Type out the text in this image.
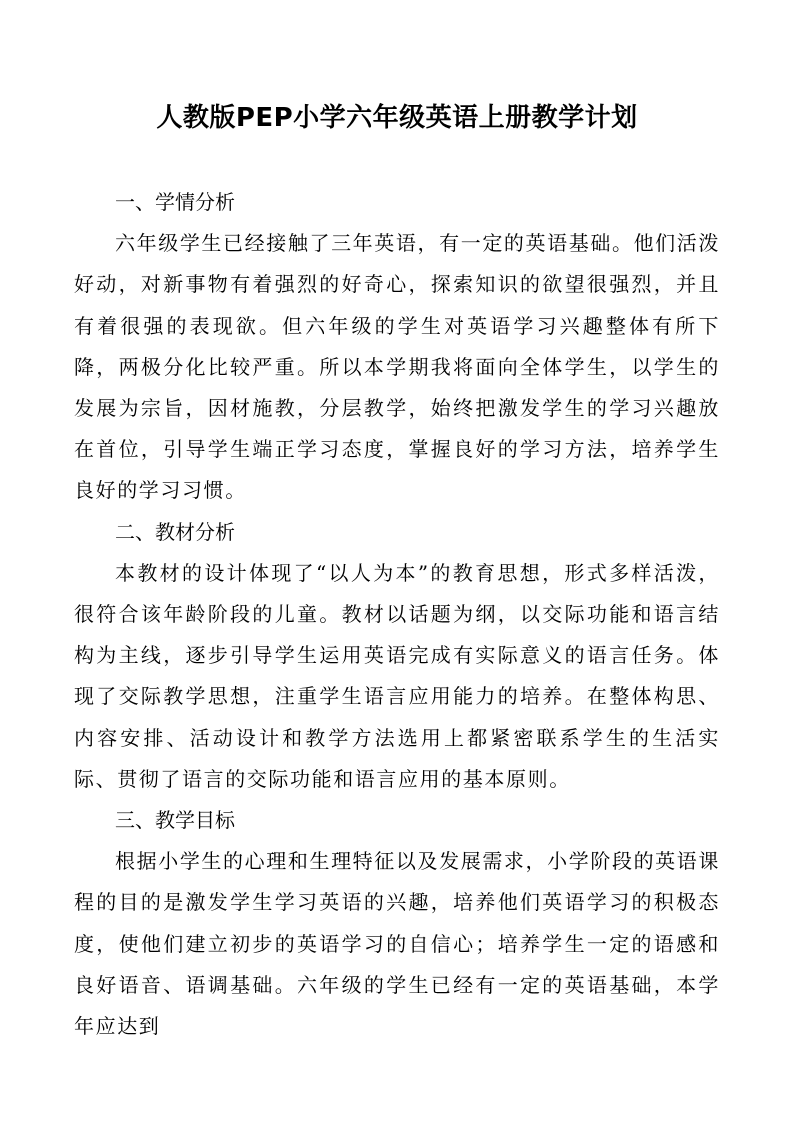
人教版PEP小学六年级英语上册教学计划

一、学情分析

六年级学生已经接触了三年英语，有一定的英语基础。他们活泼好动，对新事物有着强烈的好奇心，探索知识的欲望很强烈，并且有着很强的表现欲。但六年级的学生对英语学习兴趣整体有所下降，两极分化比较严重。所以本学期我将面向全体学生，以学生的发展为宗旨，因材施教，分层教学，始终把激发学生的学习兴趣放在首位，引导学生端正学习态度，掌握良好的学习方法，培养学生良好的学习习惯。

二、教材分析

本教材的设计体现了“以人为本”的教育思想，形式多样活泼，很符合该年龄阶段的儿童。教材以话题为纲，以交际功能和语言结构为主线，逐步引导学生运用英语完成有实际意义的语言任务。体现了交际教学思想，注重学生语言应用能力的培养。在整体构思、内容安排、活动设计和教学方法选用上都紧密联系学生的生活实际、贯彻了语言的交际功能和语言应用的基本原则。

三、教学目标

根据小学生的心理和生理特征以及发展需求，小学阶段的英语课程的目的是激发学生学习英语的兴趣，培养他们英语学习的积极态度，使他们建立初步的英语学习的自信心；培养学生一定的语感和良好语音、语调基础。六年级的学生已经有一定的英语基础，本学年应达到
